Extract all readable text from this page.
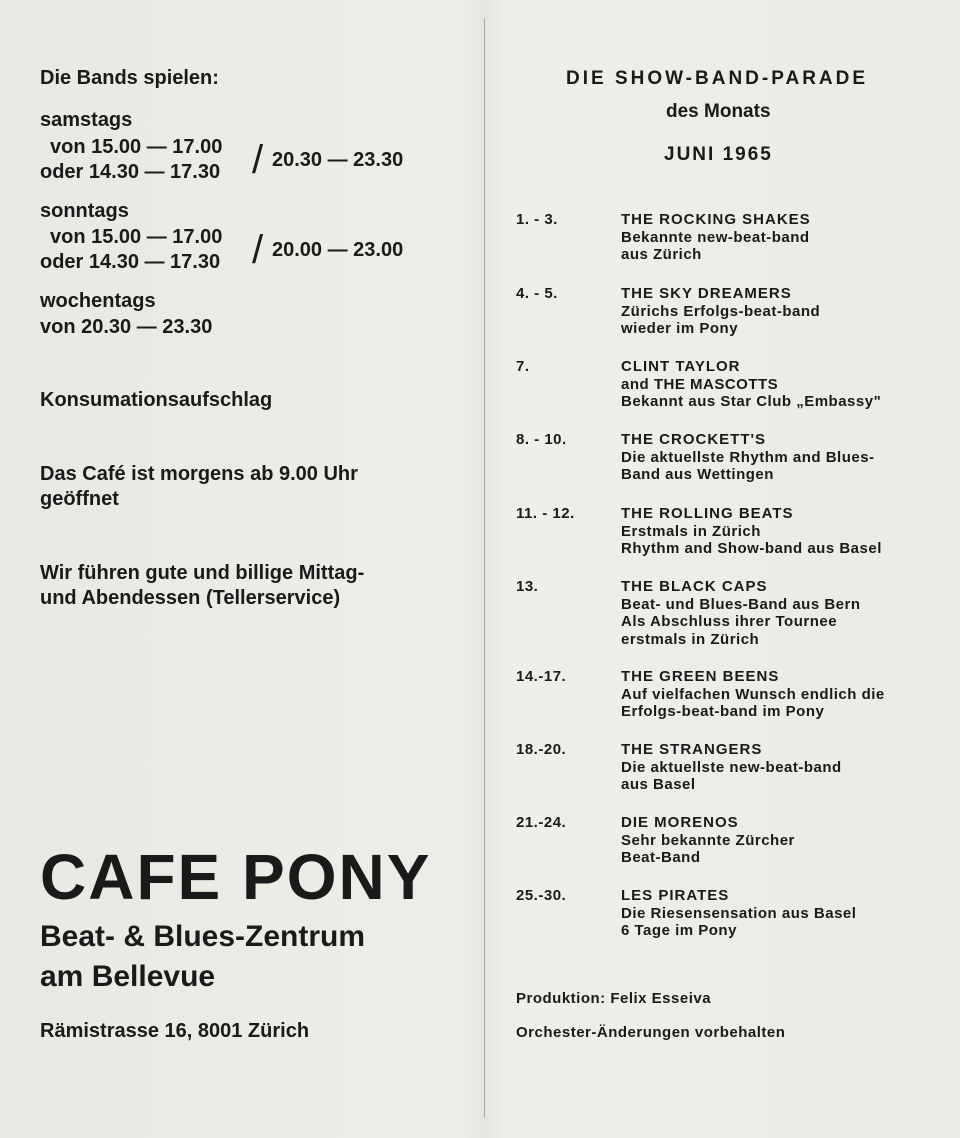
Die Bands spielen:
samstags
von 15.00 — 17.00
oder 14.30 — 17.30 / 20.30 — 23.30
sonntags
von 15.00 — 17.00
oder 14.30 — 17.30 / 20.00 — 23.00
wochentags
von 20.30 — 23.30
Konsumationsaufschlag
Das Café ist morgens ab 9.00 Uhr
geöffnet
Wir führen gute und billige Mittag-
und Abendessen (Tellerservice)
CAFE PONY
Beat- & Blues-Zentrum
am Bellevue
Rämistrasse 16, 8001 Zürich
DIE SHOW-BAND-PARADE
des Monats
JUNI 1965
1. - 3.	THE ROCKING SHAKES
Bekannte new-beat-band
aus Zürich
4. - 5.	THE SKY DREAMERS
Zürichs Erfolgs-beat-band
wieder im Pony
7.	CLINT TAYLOR
and THE MASCOTTS
Bekannt aus Star Club „Embassy"
8. - 10.	THE CROCKETT'S
Die aktuellste Rhythm and Blues-
Band aus Wettingen
11. - 12.	THE ROLLING BEATS
Erstmals in Zürich
Rhythm and Show-band aus Basel
13.	THE BLACK CAPS
Beat- und Blues-Band aus Bern
Als Abschluss ihrer Tournee
erstmals in Zürich
14.-17.	THE GREEN BEENS
Auf vielfachen Wunsch endlich die
Erfolgs-beat-band im Pony
18.-20.	THE STRANGERS
Die aktuellste new-beat-band
aus Basel
21.-24.	DIE MORENOS
Sehr bekannte Zürcher
Beat-Band
25.-30.	LES PIRATES
Die Riesensensation aus Basel
6 Tage im Pony
Produktion: Felix Esseiva
Orchester-Änderungen vorbehalten
